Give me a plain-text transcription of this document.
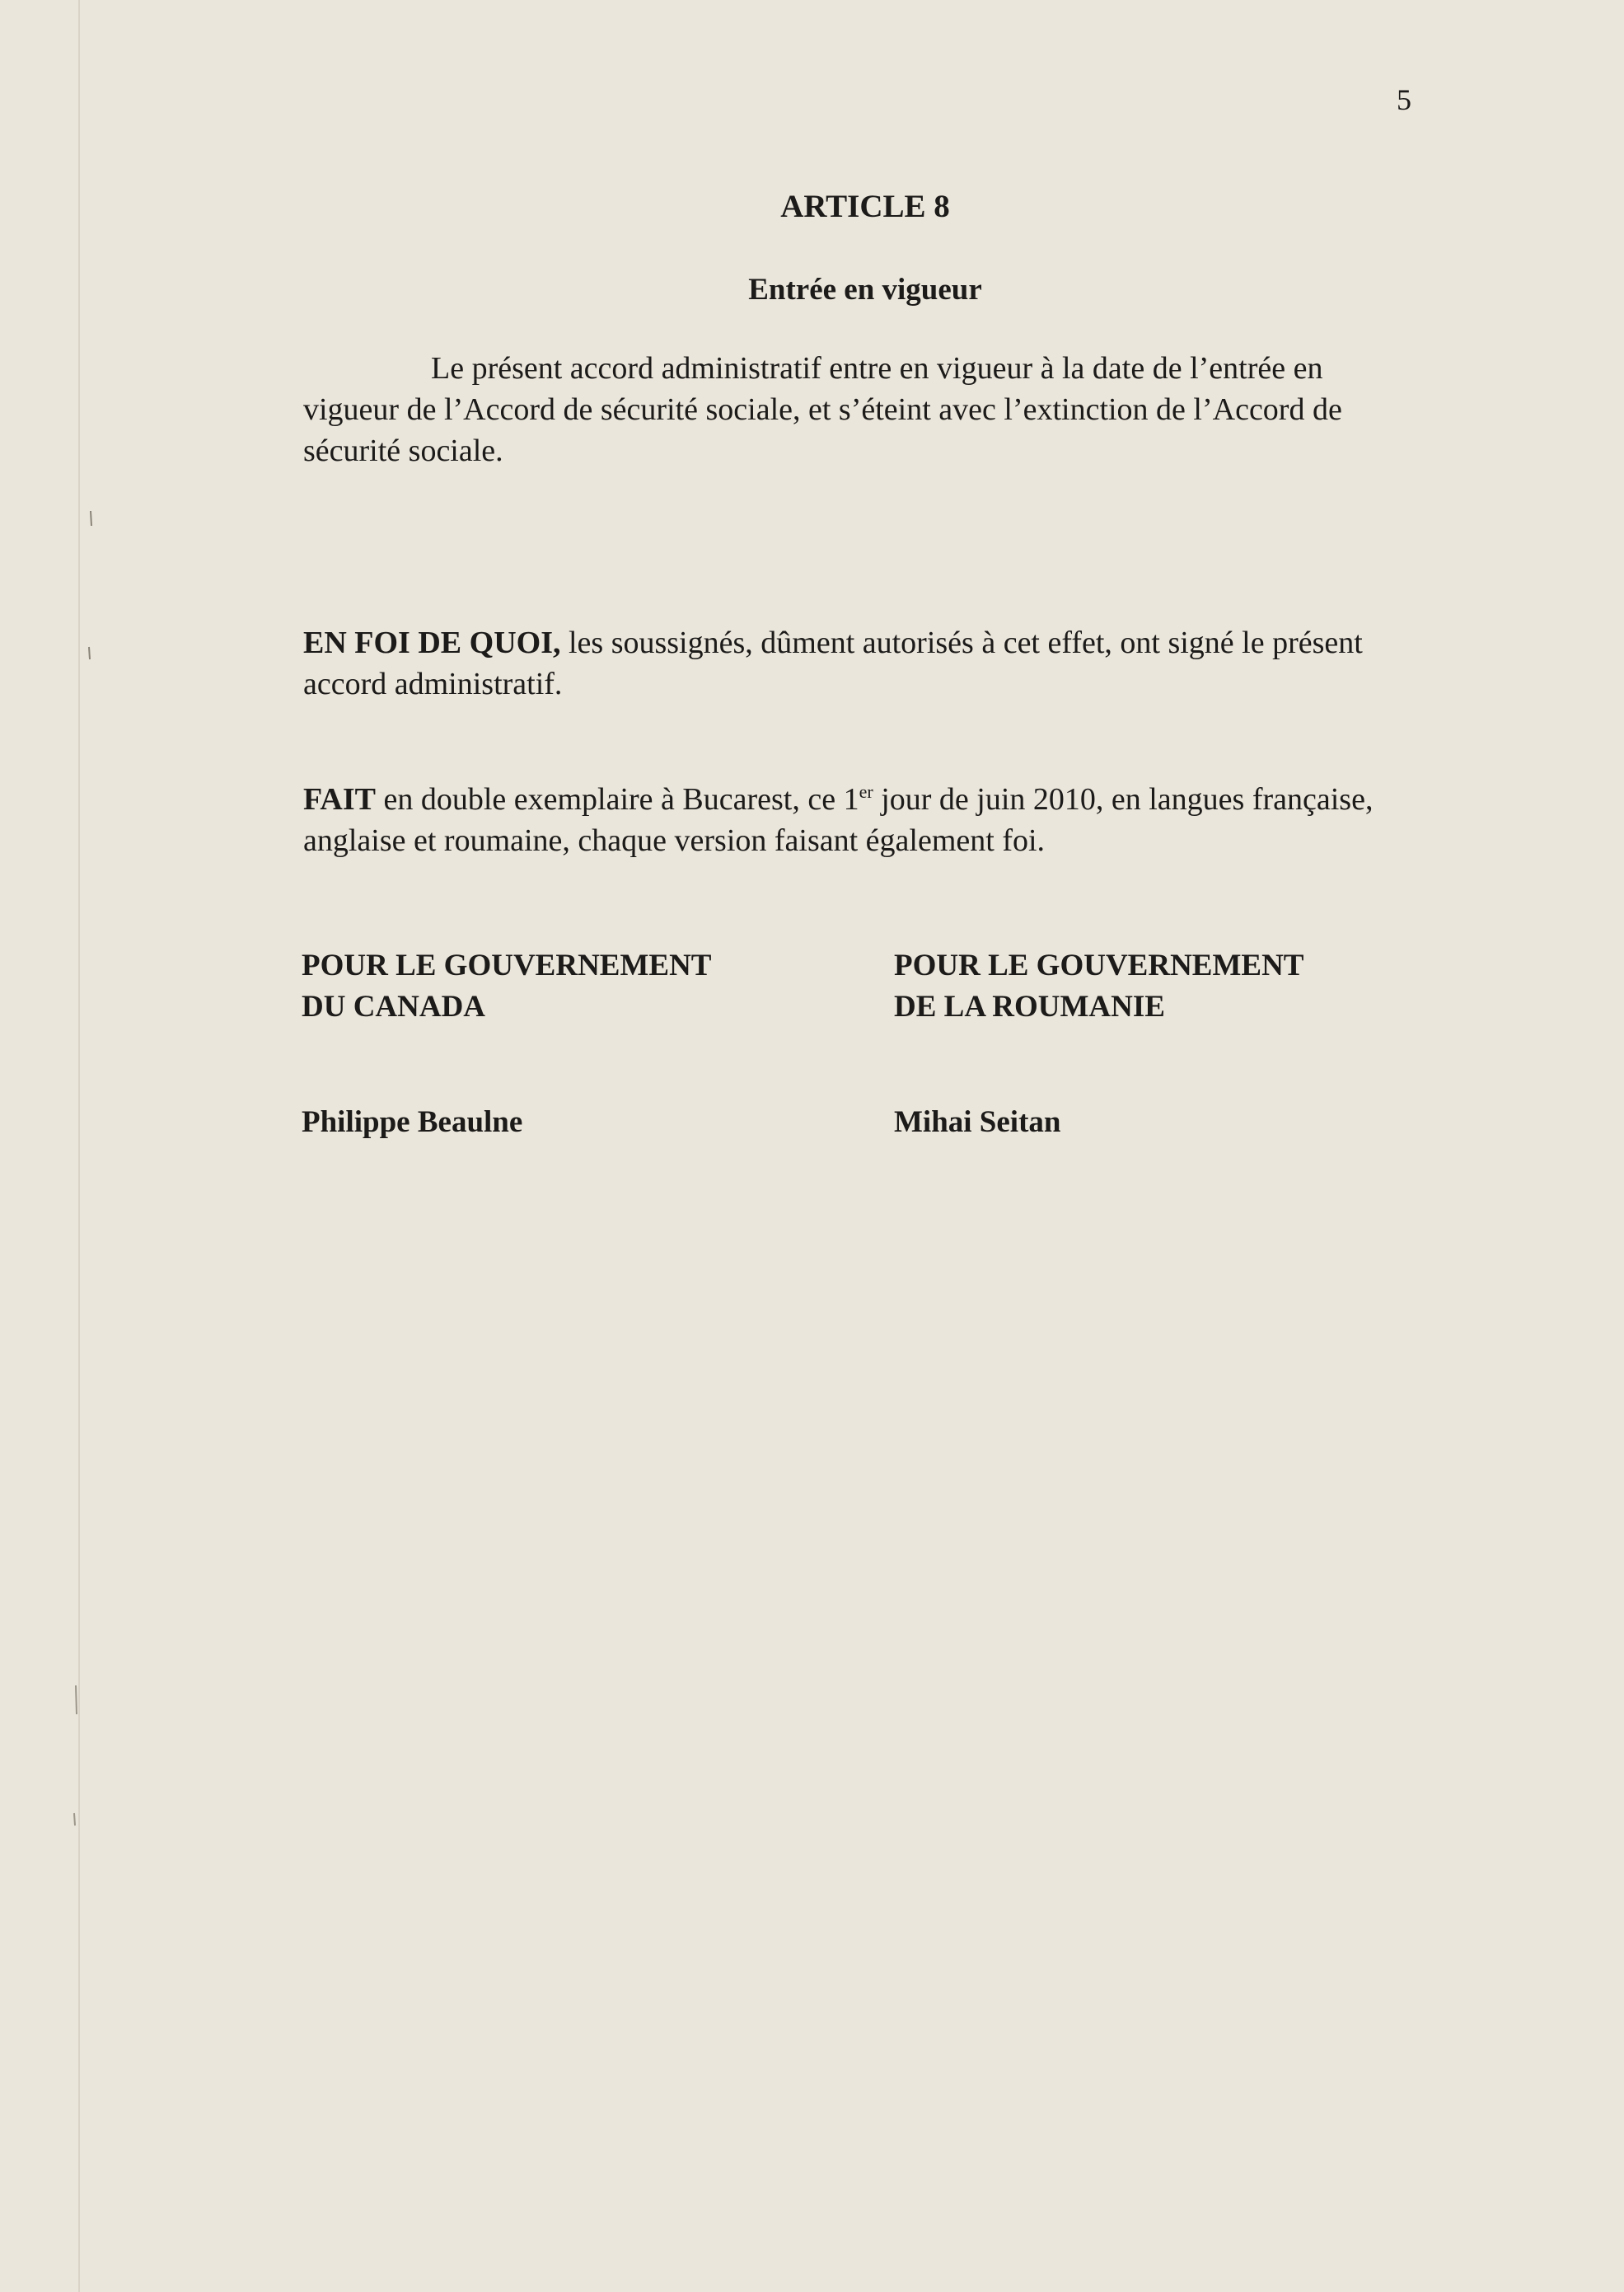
5
ARTICLE 8
Entrée en vigueur
Le présent accord administratif entre en vigueur à la date de l’entrée en vigueur de l’Accord de sécurité sociale, et s’éteint avec l’extinction de l’Accord de sécurité sociale.
EN FOI DE QUOI, les soussignés, dûment autorisés à cet effet, ont signé le présent accord administratif.
FAIT en double exemplaire à Bucarest, ce 1er jour de juin 2010, en langues française, anglaise et roumaine, chaque version faisant également foi.
POUR LE GOUVERNEMENT
DU CANADA
POUR LE GOUVERNEMENT
DE LA ROUMANIE
Philippe Beaulne	Mihai Seitan
